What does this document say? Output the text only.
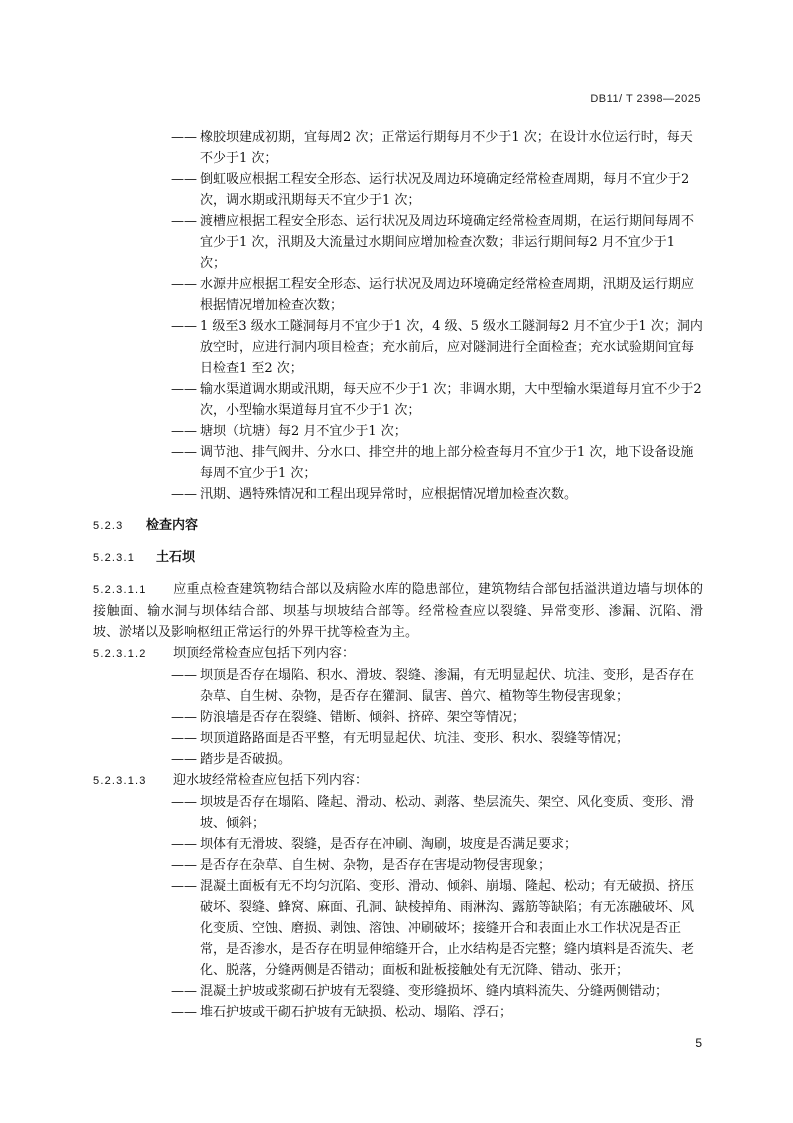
DB11/ T 2398—2025
—— 橡胶坝建成初期，宜每周2 次；正常运行期每月不少于1 次；在设计水位运行时，每天不少于1 次；
—— 倒虹吸应根据工程安全形态、运行状况及周边环境确定经常检查周期，每月不宜少于2 次，调水期或汛期每天不宜少于1 次；
—— 渡槽应根据工程安全形态、运行状况及周边环境确定经常检查周期，在运行期间每周不宜少于1 次，汛期及大流量过水期间应增加检查次数；非运行期间每2 月不宜少于1 次；
—— 水源井应根据工程安全形态、运行状况及周边环境确定经常检查周期，汛期及运行期应根据情况增加检查次数；
—— 1 级至3 级水工隧洞每月不宜少于1 次，4 级、5 级水工隧洞每2 月不宜少于1 次；洞内放空时，应进行洞内项目检查；充水前后，应对隧洞进行全面检查；充水试验期间宜每日检查1 至2 次；
—— 输水渠道调水期或汛期，每天应不少于1 次；非调水期，大中型输水渠道每月宜不少于2 次，小型输水渠道每月宜不少于1 次；
—— 塘坝（坑塘）每2 月不宜少于1 次；
—— 调节池、排气阀井、分水口、排空井的地上部分检查每月不宜少于1 次，地下设备设施每周不宜少于1 次；
—— 汛期、遇特殊情况和工程出现异常时，应根据情况增加检查次数。

5.2.3 检查内容

5.2.3.1 土石坝

5.2.3.1.1 应重点检查建筑物结合部以及病险水库的隐患部位，建筑物结合部包括溢洪道边墙与坝体的接触面、输水洞与坝体结合部、坝基与坝坡结合部等。经常检查应以裂缝、异常变形、渗漏、沉陷、滑坡、淤堵以及影响枢纽正常运行的外界干扰等检查为主。

5.2.3.1.2 坝顶经常检查应包括下列内容：

—— 坝顶是否存在塌陷、积水、滑坡、裂缝、渗漏，有无明显起伏、坑洼、变形，是否存在杂草、自生树、杂物，是否存在獾洞、鼠害、兽穴、植物等生物侵害现象；
—— 防浪墙是否存在裂缝、错断、倾斜、挤碎、架空等情况；
—— 坝顶道路路面是否平整，有无明显起伏、坑洼、变形、积水、裂缝等情况；
—— 踏步是否破损。

5.2.3.1.3 迎水坡经常检查应包括下列内容：

—— 坝坡是否存在塌陷、隆起、滑动、松动、剥落、垫层流失、架空、风化变质、变形、滑坡、倾斜；
—— 坝体有无滑坡、裂缝，是否存在冲刷、淘刷，坡度是否满足要求；
—— 是否存在杂草、自生树、杂物，是否存在害堤动物侵害现象；
—— 混凝土面板有无不均匀沉陷、变形、滑动、倾斜、崩塌、隆起、松动；有无破损、挤压破坏、裂缝、蜂窝、麻面、孔洞、缺棱掉角、雨淋沟、露筋等缺陷；有无冻融破坏、风化变质、空蚀、磨损、剥蚀、溶蚀、冲刷破坏；接缝开合和表面止水工作状况是否正常，是否渗水，是否存在明显伸缩缝开合，止水结构是否完整；缝内填料是否流失、老化、脱落，分缝两侧是否错动；面板和趾板接触处有无沉降、错动、张开；
—— 混凝土护坡或浆砌石护坡有无裂缝、变形缝损坏、缝内填料流失、分缝两侧错动；
—— 堆石护坡或干砌石护坡有无缺损、松动、塌陷、浮石；
5
